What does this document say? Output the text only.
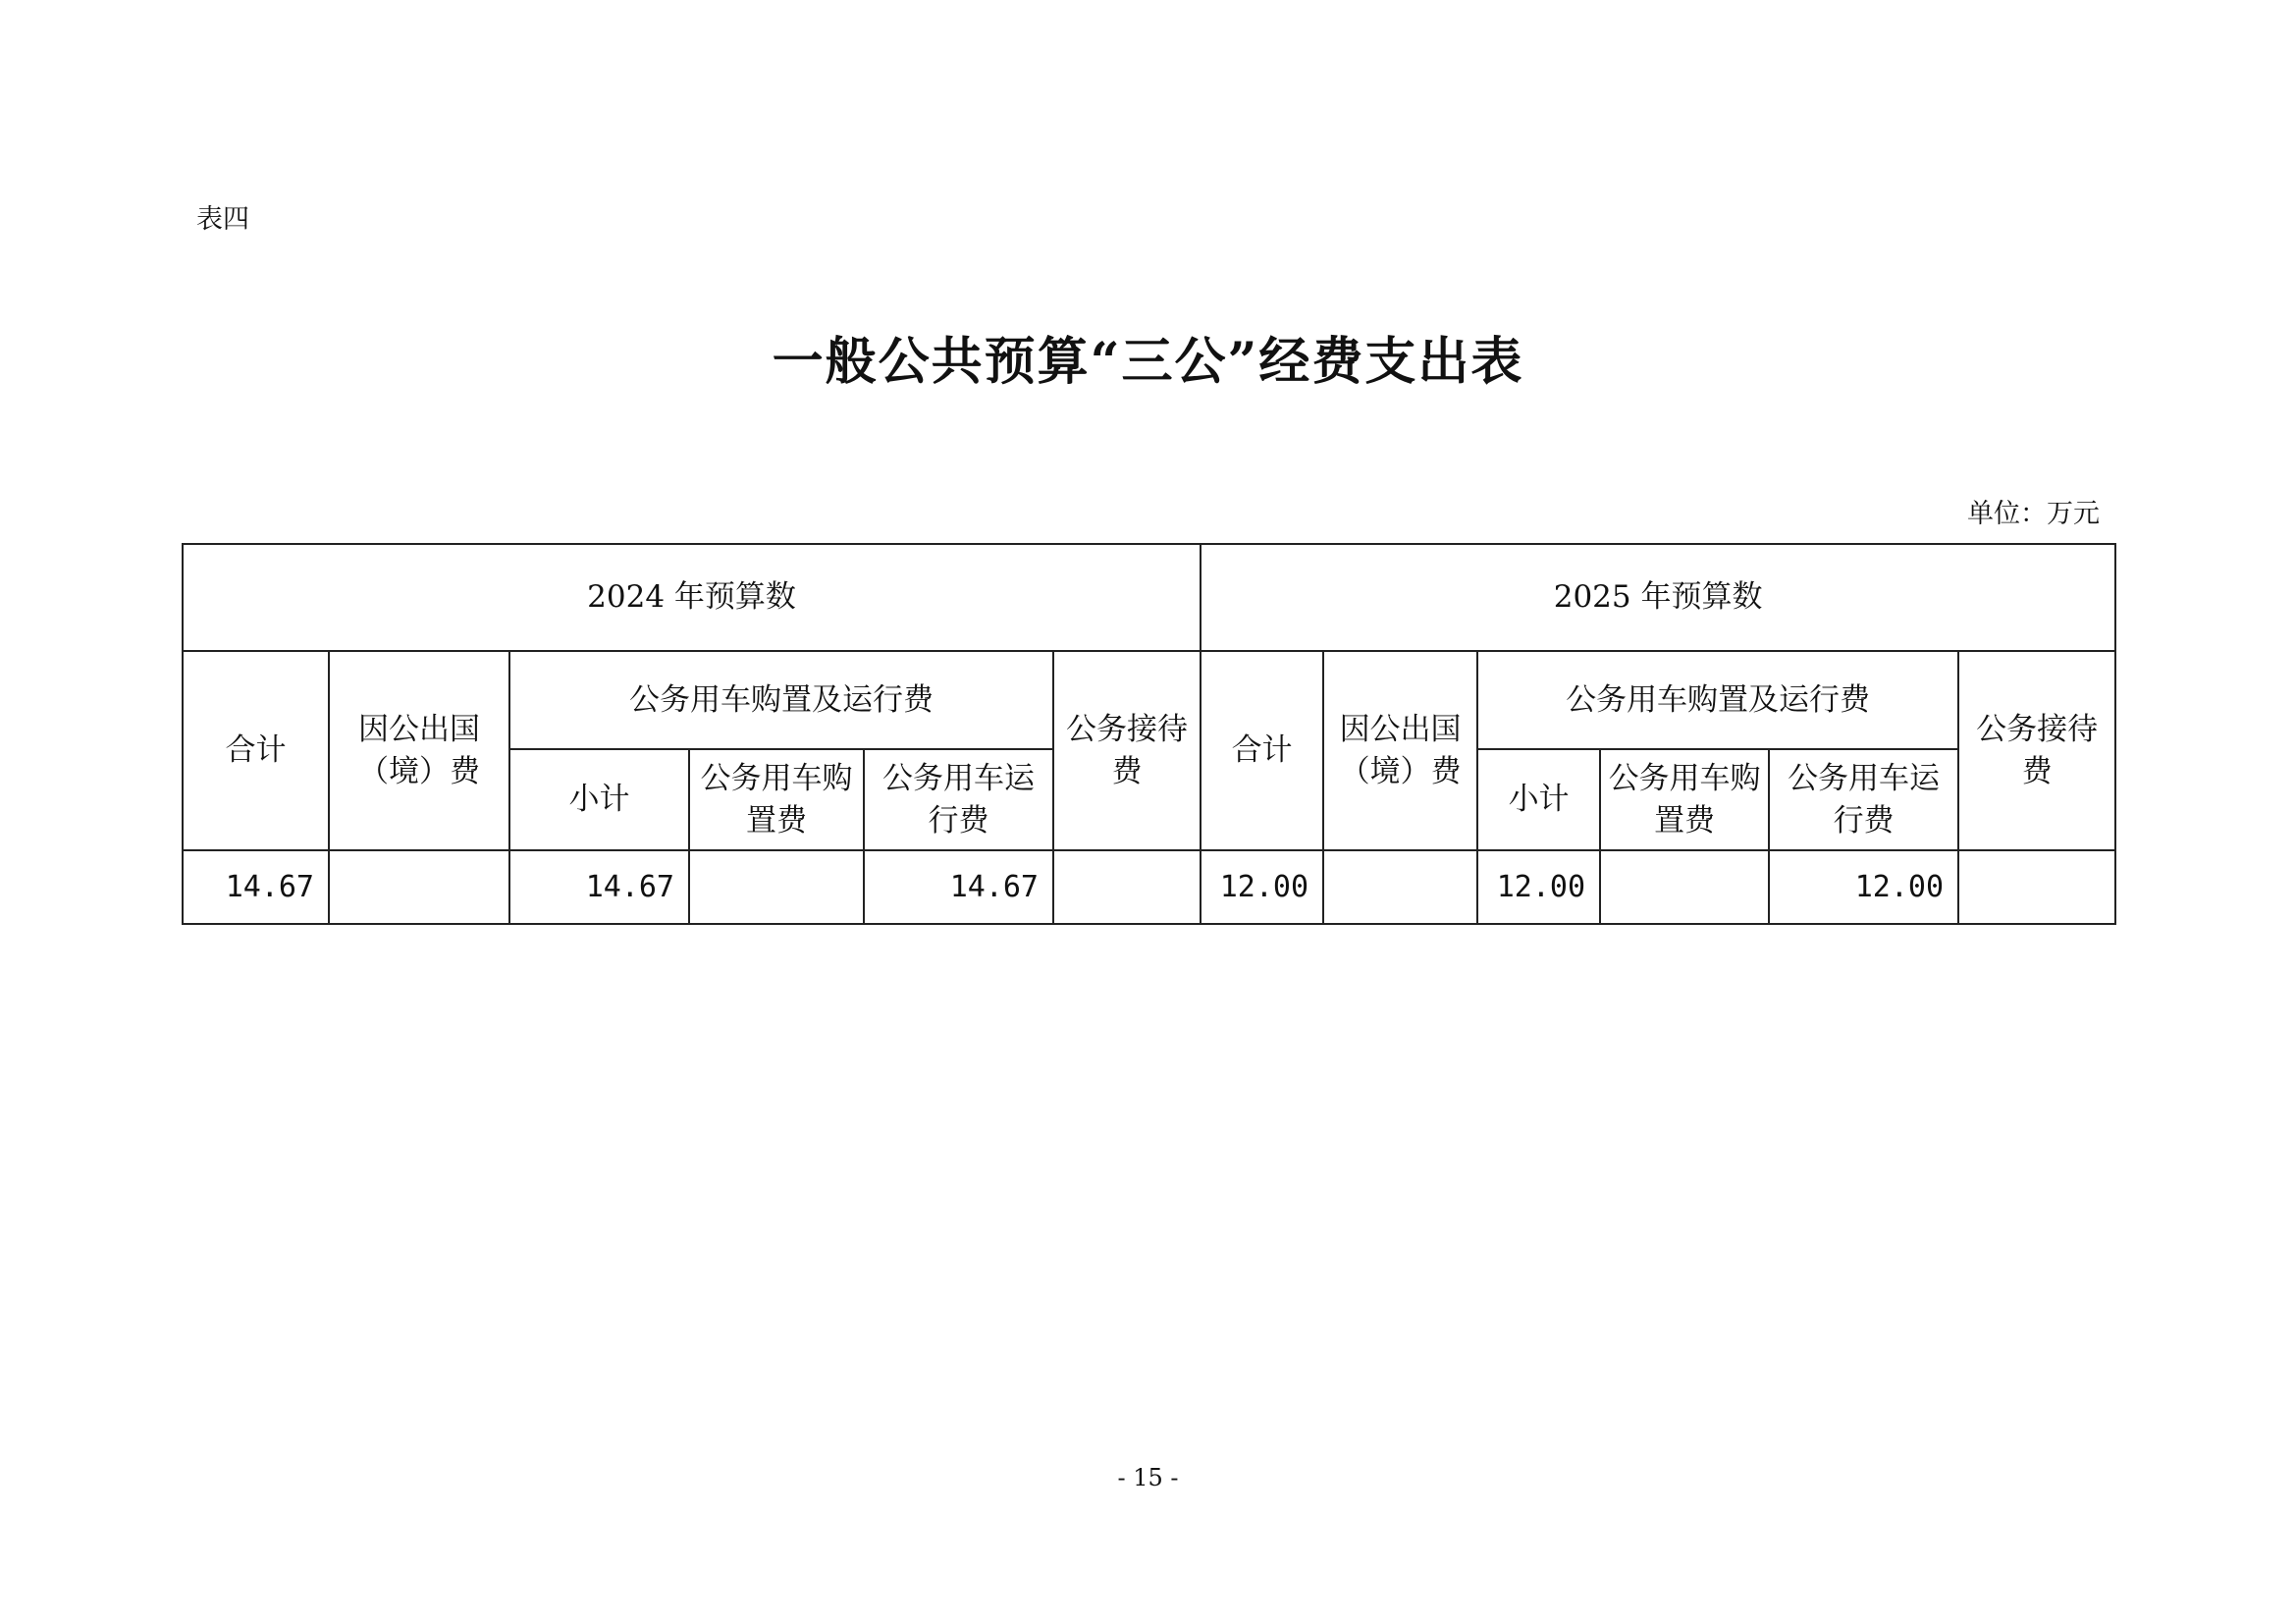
表四
一般公共预算“三公”经费支出表
单位：万元
2024 年预算数						2025 年预算数					
合计	因公出国（境）费	公务用车购置及运行费			公务接待费	合计	因公出国（境）费	公务用车购置及运行费			公务接待费
		小计	公务用车购置费	公务用车运行费				小计	公务用车购置费	公务用车运行费	
14.67		14.67		14.67		12.00		12.00		12.00	
- 15 -
